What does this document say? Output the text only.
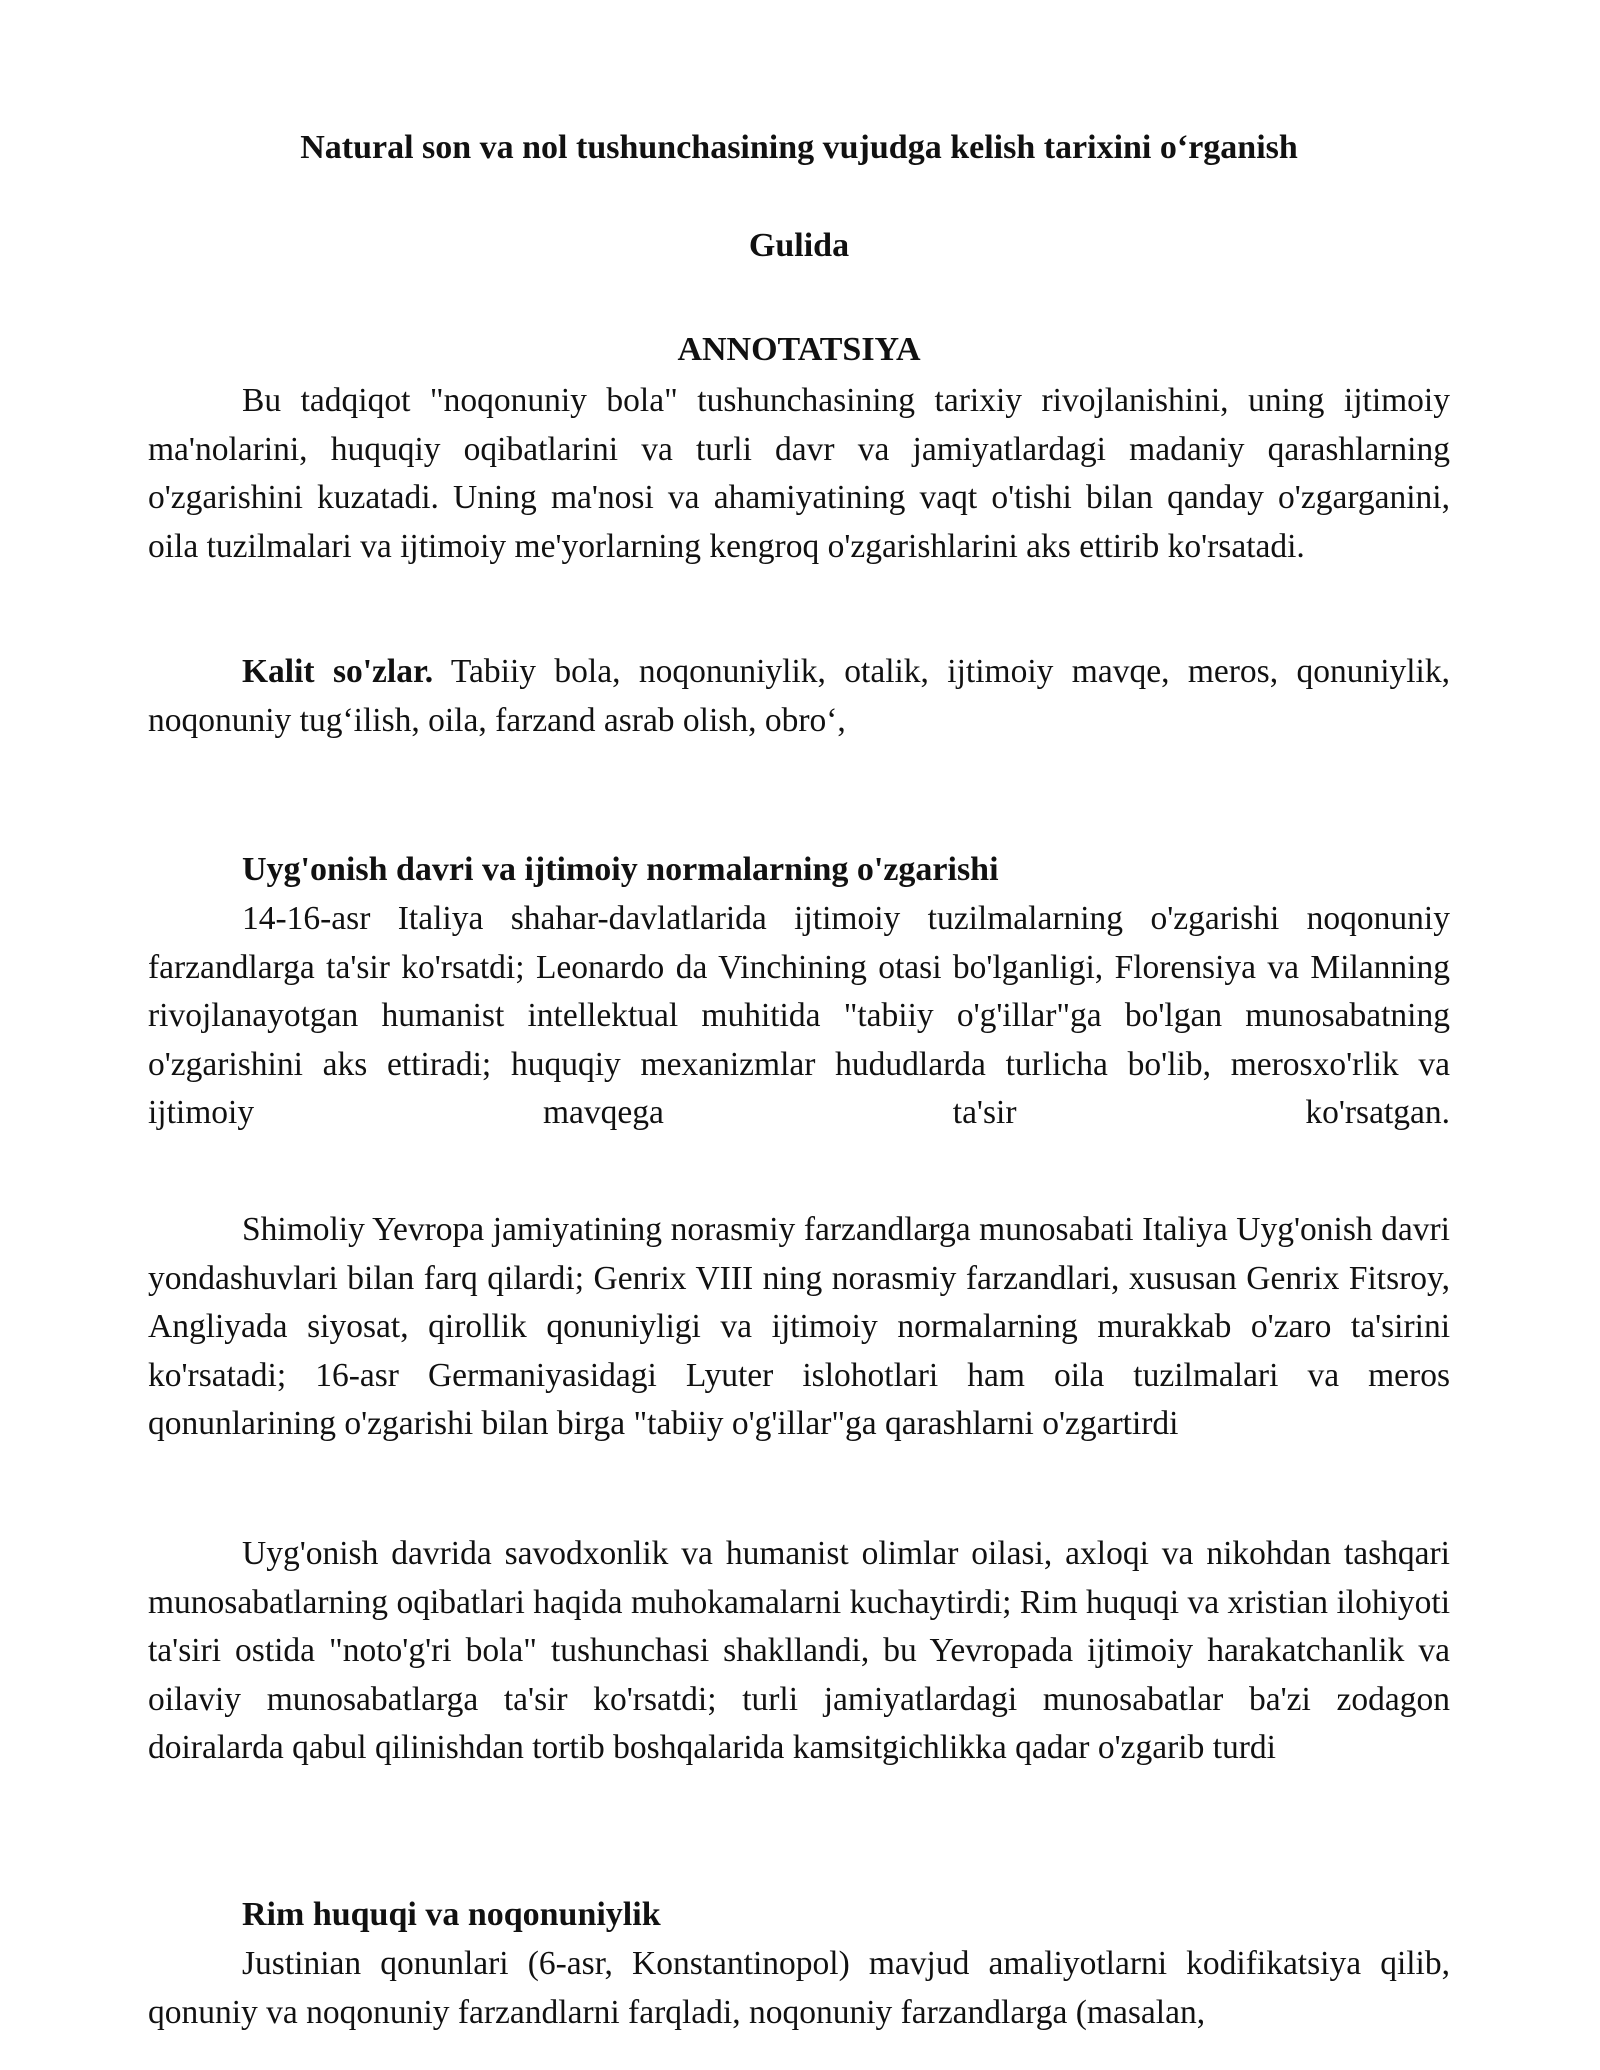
Natural son va nol tushunchasining vujudga kelish tarixini o‘rganish
Gulida
ANNOTATSIYA

Bu tadqiqot "noqonuniy bola" tushunchasining tarixiy rivojlanishini, uning ijtimoiy ma'nolarini, huquqiy oqibatlarini va turli davr va jamiyatlardagi madaniy qarashlarning o'zgarishini kuzatadi. Uning ma'nosi va ahamiyatining vaqt o'tishi bilan qanday o'zgarganini, oila tuzilmalari va ijtimoiy me'yorlarning kengroq o'zgarishlarini aks ettirib ko'rsatadi.

Kalit so'zlar. Tabiiy bola, noqonuniylik, otalik, ijtimoiy mavqe, meros, qonuniylik, noqonuniy tug‘ilish, oila, farzand asrab olish, obro‘,

Uyg'onish davri va ijtimoiy normalarning o'zgarishi

14-16-asr Italiya shahar-davlatlarida ijtimoiy tuzilmalarning o'zgarishi noqonuniy farzandlarga ta'sir ko'rsatdi; Leonardo da Vinchining otasi bo'lganligi, Florensiya va Milanning rivojlanayotgan humanist intellektual muhitida "tabiiy o'g'illar"ga bo'lgan munosabatning o'zgarishini aks ettiradi; huquqiy mexanizmlar hududlarda turlicha bo'lib, merosxo'rlik va ijtimoiy mavqega ta'sir ko'rsatgan.

Shimoliy Yevropa jamiyatining norasmiy farzandlarga munosabati Italiya Uyg'onish davri yondashuvlari bilan farq qilardi; Genrix VIII ning norasmiy farzandlari, xususan Genrix Fitsroy, Angliyada siyosat, qirollik qonuniyligi va ijtimoiy normalarning murakkab o'zaro ta'sirini ko'rsatadi; 16-asr Germaniyasidagi Lyuter islohotlari ham oila tuzilmalari va meros qonunlarining o'zgarishi bilan birga "tabiiy o'g'illar"ga qarashlarni o'zgartirdi

Uyg'onish davrida savodxonlik va humanist olimlar oilasi, axloqi va nikohdan tashqari munosabatlarning oqibatlari haqida muhokamalarni kuchaytirdi; Rim huquqi va xristian ilohiyoti ta'siri ostida "noto'g'ri bola" tushunchasi shakllandi, bu Yevropada ijtimoiy harakatchanlik va oilaviy munosabatlarga ta'sir ko'rsatdi; turli jamiyatlardagi munosabatlar ba'zi zodagon doiralarda qabul qilinishdan tortib boshqalarida kamsitgichlikka qadar o'zgarib turdi

Rim huquqi va noqonuniylik

Justinian qonunlari (6-asr, Konstantinopol) mavjud amaliyotlarni kodifikatsiya qilib, qonuniy va noqonuniy farzandlarni farqladi, noqonuniy farzandlarga (masalan,
